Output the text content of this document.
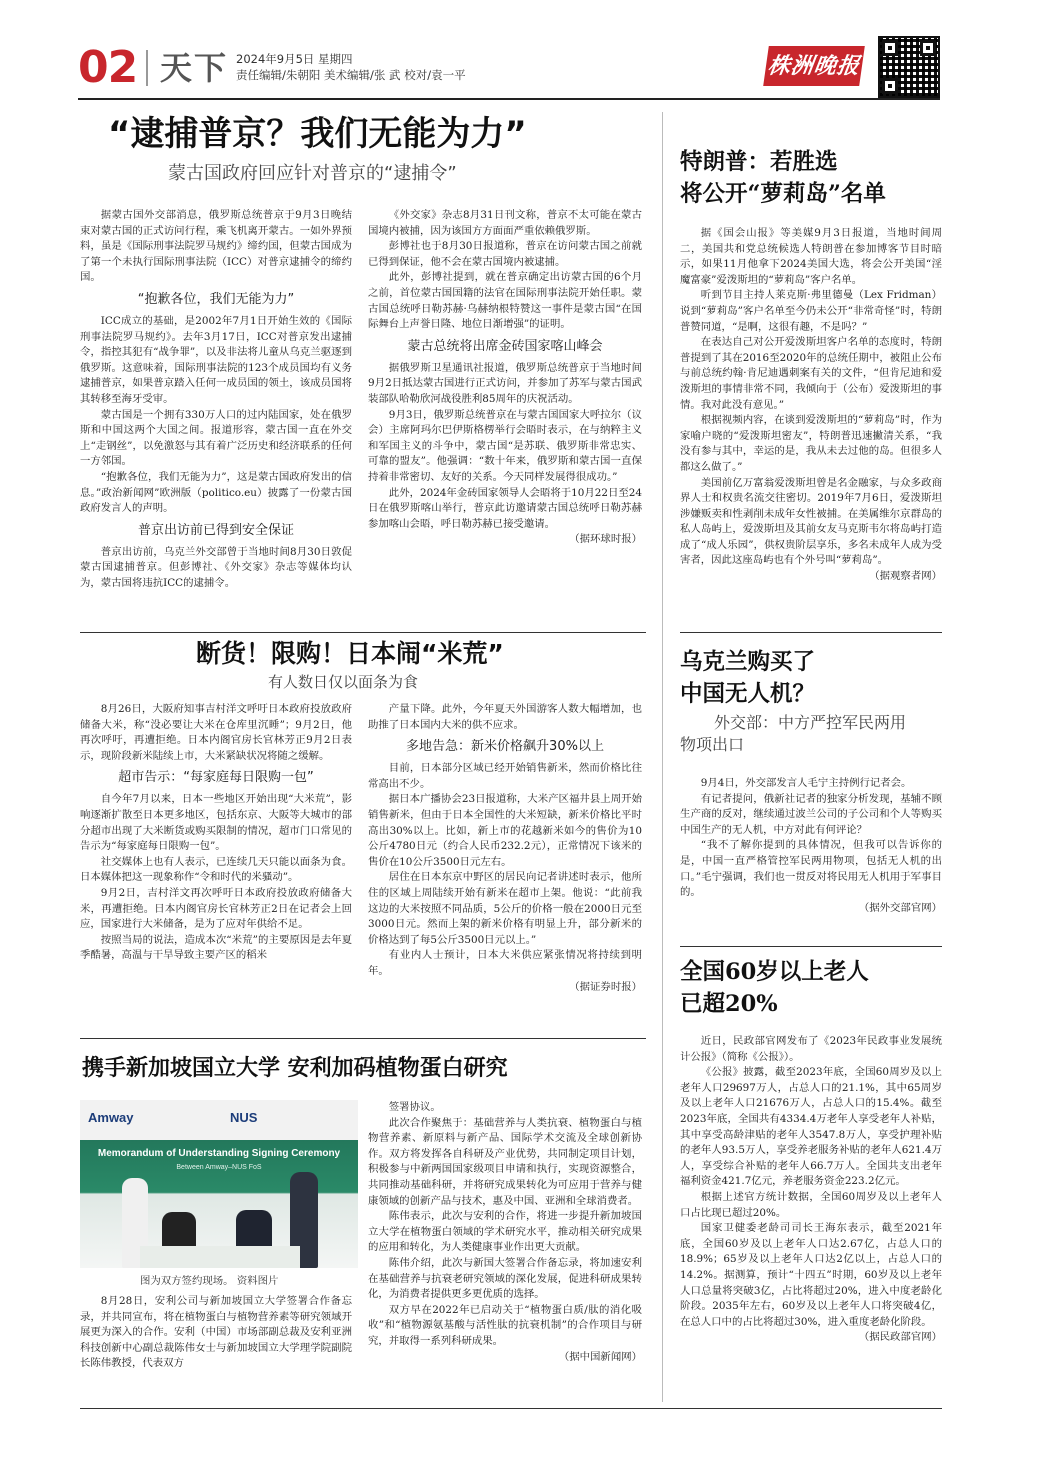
02 天下 2024年9月5日 星期四
责任编辑/朱朝阳 美术编辑/张 武 校对/袁一平	株洲晚报
“逮捕普京？我们无能为力”
蒙古国政府回应针对普京的“逮捕令”

据蒙古国外交部消息，俄罗斯总统普京于9月3日晚结束对蒙古国的正式访问行程，乘飞机离开蒙古。一如外界预料，虽是《国际刑事法院罗马规约》缔约国，但蒙古国成为了第一个未执行国际刑事法院（ICC）对普京逮捕令的缔约国。

“抱歉各位，我们无能为力”

ICC成立的基础，是2002年7月1日开始生效的《国际刑事法院罗马规约》。去年3月17日，ICC对普京发出逮捕令，指控其犯有“战争罪”，以及非法将儿童从乌克兰驱逐到俄罗斯。这意味着，国际刑事法院的123个成员国均有义务逮捕普京，如果普京踏入任何一成员国的领土，该成员国将其转移至海牙受审。

蒙古国是一个拥有330万人口的过内陆国家，处在俄罗斯和中国这两个大国之间。报道形容，蒙古国一直在外交上“走钢丝”，以免激怒与其有着广泛历史和经济联系的任何一方邻国。

“抱歉各位，我们无能为力”，这是蒙古国政府发出的信息。”政治新闻网”欧洲版（politico.eu）披露了一份蒙古国政府发言人的声明。

普京出访前已得到安全保证

普京出访前，乌克兰外交部曾于当地时间8月30日敦促蒙古国逮捕普京。但彭博社、《外交家》杂志等媒体均认为，蒙古国将违抗ICC的逮捕令。

《外交家》杂志8月31日刊文称，普京不太可能在蒙古国境内被捕，因为该国方方面面严重依赖俄罗斯。

彭博社也于8月30日报道称，普京在访问蒙古国之前就已得到保证，他不会在蒙古国境内被逮捕。

此外，彭博社提到，就在普京确定出访蒙古国的6个月之前，首位蒙古国国籍的法官在国际刑事法院开始任职。蒙古国总统呼日勒苏赫·乌赫纳根特赞这一事件是蒙古国“在国际舞台上声誉日隆、地位日渐增强”的证明。

蒙古总统将出席金砖国家喀山峰会

据俄罗斯卫星通讯社报道，俄罗斯总统普京于当地时间9月2日抵达蒙古国进行正式访问，并参加了苏军与蒙古国武装部队哈勒欣河战役胜利85周年的庆祝活动。

9月3日，俄罗斯总统普京在与蒙古国国家大呼拉尔（议会）主席阿玛尔巴伊斯格楞举行会晤时表示，在与纳粹主义和军国主义的斗争中，蒙古国“是苏联、俄罗斯非常忠实、可靠的盟友”。他强调：“数十年来，俄罗斯和蒙古国一直保持着非常密切、友好的关系。今天同样发展得很成功。”

此外，2024年金砖国家领导人会晤将于10月22日至24日在俄罗斯喀山举行，普京此访邀请蒙古国总统呼日勒苏赫参加喀山会晤，呼日勒苏赫已接受邀请。

（据环球时报）

特朗普：若胜选
将公开“萝莉岛”名单

据《国会山报》等美媒9月3日报道，当地时间周二，美国共和党总统候选人特朗普在参加博客节目时暗示，如果11月他拿下2024美国大选，将会公开美国“淫魔富豪”爱泼斯坦的“萝莉岛”客户名单。

听到节目主持人莱克斯·弗里德曼（Lex Fridman）说到“萝莉岛”客户名单至今仍未公开“非常奇怪”时，特朗普赞同道，“是啊，这很有趣，不是吗？”

在表达自己对公开爱泼斯坦客户名单的态度时，特朗普提到了其在2016至2020年的总统任期中，被阻止公布与前总统约翰·肯尼迪遇刺案有关的文件，“但肯尼迪和爱泼斯坦的事情非常不同，我倾向于（公布）爱泼斯坦的事情。我对此没有意见。”

根据视频内容，在谈到爱泼斯坦的“萝莉岛”时，作为家喻户晓的“爱泼斯坦密友”，特朗普迅速撇清关系，“我没有参与其中，幸运的是，我从未去过他的岛。但很多人都这么做了。”

美国前亿万富翁爱泼斯坦曾是名金融家，与众多政商界人士和权贵名流交往密切。2019年7月6日，爱泼斯坦涉嫌贩卖和性剥削未成年女性被捕。在美属维尔京群岛的私人岛屿上，爱泼斯坦及其前女友马克斯韦尔将岛屿打造成了“成人乐园”，供权贵阶层享乐，多名未成年人成为受害者，因此这座岛屿也有个外号叫“萝莉岛”。

（据观察者网）

断货！限购！日本闹“米荒”
有人数日仅以面条为食

8月26日，大阪府知事吉村洋文呼吁日本政府投放政府储备大米，称“没必要让大米在仓库里沉睡”；9月2日，他再次呼吁，再遭拒绝。日本内阁官房长官林芳正9月2日表示，现阶段新米陆续上市，大米紧缺状况将随之缓解。

超市告示：“每家庭每日限购一包”

自今年7月以来，日本一些地区开始出现“大米荒”，影响逐渐扩散至日本更多地区，包括东京、大阪等大城市的部分超市出现了大米断货或购买限制的情况，超市门口常见的告示为“每家庭每日限购一包”。

社交媒体上也有人表示，已连续几天只能以面条为食。日本媒体把这一现象称作“令和时代的米骚动”。

9月2日，吉村洋文再次呼吁日本政府投放政府储备大米，再遭拒绝。日本内阁官房长官林芳正2日在记者会上回应，国家进行大米储备，是为了应对年供给不足。

按照当局的说法，造成本次“米荒”的主要原因是去年夏季酷暑，高温与干旱导致主要产区的稻米

产量下降。此外，今年夏天外国游客人数大幅增加，也助推了日本国内大米的供不应求。

多地告急：新米价格飙升30%以上

目前，日本部分区域已经开始销售新米，然而价格比往常高出不少。

据日本广播协会23日报道称，大米产区福井县上周开始销售新米，但由于日本全国性的大米短缺，新米价格比平时高出30%以上。比如，新上市的花越新米如今的售价为10公斤4780日元（约合人民币232.2元），正常情况下该米的售价在10公斤3500日元左右。

居住在日本东京中野区的居民向记者讲述时表示，他所住的区域上周陆续开始有新米在超市上架。他说：“此前我这边的大米按照不同品质，5公斤的价格一般在2000日元至3000日元。然而上架的新米价格有明显上升，部分新米的价格达到了每5公斤3500日元以上。”

有业内人士预计，日本大米供应紧张情况将持续到明年。

（据证券时报）

乌克兰购买了
中国无人机？
外交部：中方严控军民两用
物项出口

9月4日，外交部发言人毛宁主持例行记者会。

有记者提问，俄新社记者的独家分析发现，基辅不顾生产商的反对，继续通过波兰公司的子公司和个人等购买中国生产的无人机，中方对此有何评论？

“我不了解你提到的具体情况，但我可以告诉你的是，中国一直严格管控军民两用物项，包括无人机的出口。”毛宁强调，我们也一贯反对将民用无人机用于军事目的。

（据外交部官网）

全国60岁以上老人
已超20%

近日，民政部官网发布了《2023年民政事业发展统计公报》（简称《公报》）。

《公报》披露，截至2023年底，全国60周岁及以上老年人口29697万人，占总人口的21.1%，其中65周岁及以上老年人口21676万人，占总人口的15.4%。截至2023年底，全国共有4334.4万老年人享受老年人补贴，其中享受高龄津贴的老年人3547.8万人，享受护理补贴的老年人93.5万人，享受养老服务补贴的老年人621.4万人，享受综合补贴的老年人66.7万人。全国共支出老年福利资金421.7亿元，养老服务资金223.2亿元。

根据上述官方统计数据，全国60周岁及以上老年人口占比现已超过20%。

国家卫健委老龄司司长王海东表示，截至2021年底，全国60岁及以上老年人口达2.67亿，占总人口的18.9%；65岁及以上老年人口达2亿以上，占总人口的14.2%。据测算，预计“十四五”时期，60岁及以上老年人口总量将突破3亿，占比将超过20%，进入中度老龄化阶段。2035年左右，60岁及以上老年人口将突破4亿，在总人口中的占比将超过30%，进入重度老龄化阶段。

（据民政部官网）

携手新加坡国立大学 安利加码植物蛋白研究
Amway	NUS
Memorandum of Understanding Signing Ceremony
Between Amway–NUS FoS
图为双方签约现场。 资料图片

8月28日，安利公司与新加坡国立大学签署合作备忘录，并共同宣布，将在植物蛋白与植物营养素等研究领域开展更为深入的合作。安利（中国）市场部副总裁及安利亚洲科技创新中心副总裁陈伟女士与新加坡国立大学理学院副院长陈伟教授，代表双方

签署协议。

此次合作聚焦于：基础营养与人类抗衰、植物蛋白与植物营养素、新原料与新产品、国际学术交流及全球创新协作。双方将发挥各自科研及产业优势，共同制定项目计划，积极参与中新两国国家级项目申请和执行，实现资源整合，共同推动基础科研，并将研究成果转化为可应用于营养与健康领域的创新产品与技术，惠及中国、亚洲和全球消费者。

陈伟表示，此次与安利的合作，将进一步提升新加坡国立大学在植物蛋白领域的学术研究水平，推动相关研究成果的应用和转化，为人类健康事业作出更大贡献。

陈伟介绍，此次与新国大签署合作备忘录，将加速安利在基础营养与抗衰老研究领域的深化发展，促进科研成果转化，为消费者提供更多更优质的选择。

双方早在2022年已启动关于“植物蛋白质/肽的消化吸收”和“植物源氨基酸与活性肽的抗衰机制”的合作项目与研究，并取得一系列科研成果。

（据中国新闻网）
